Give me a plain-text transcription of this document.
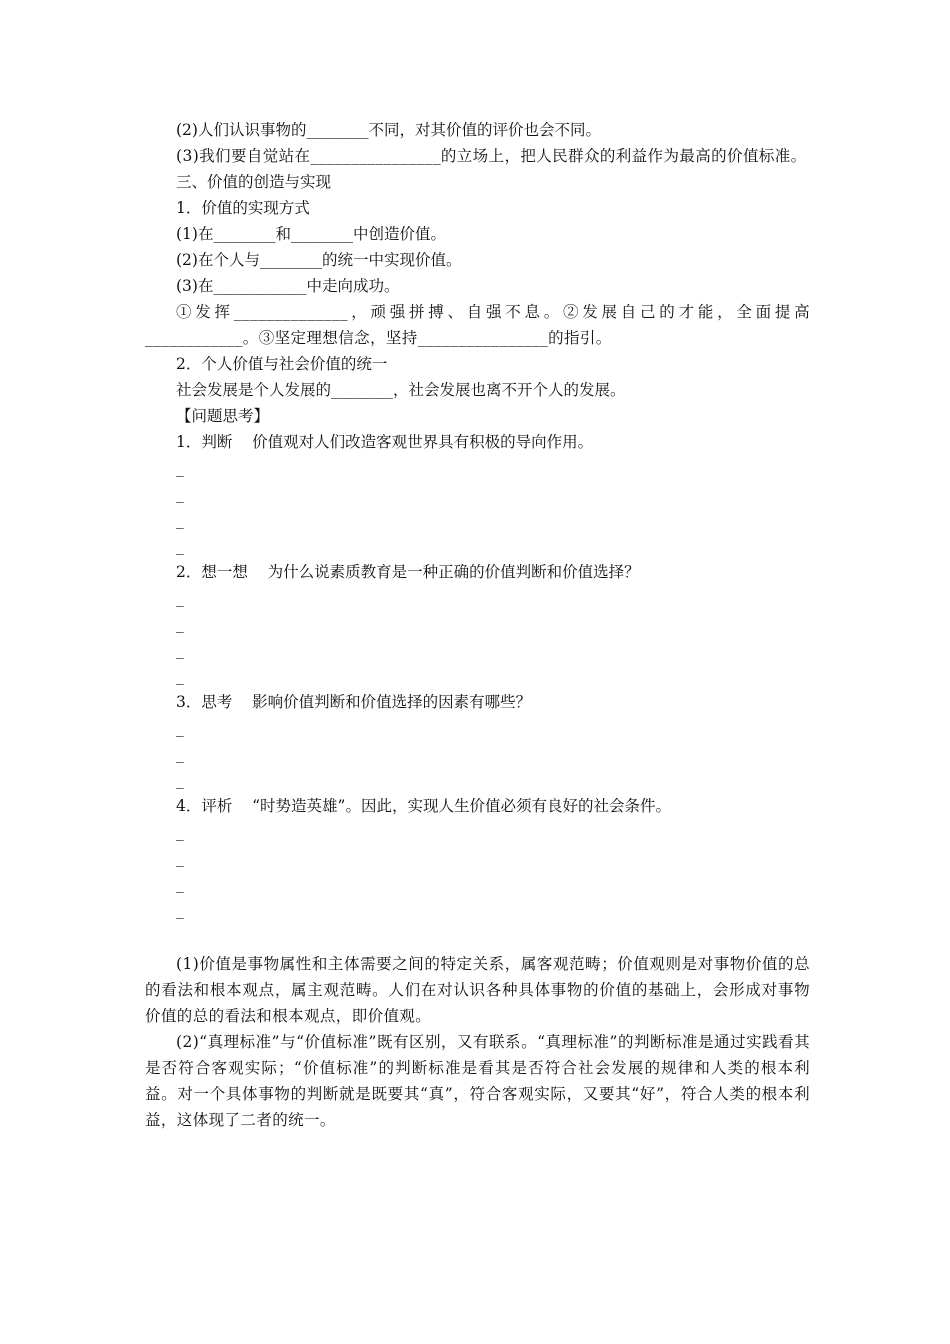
(2)人们认识事物的________不同，对其价值的评价也会不同。
(3)我们要自觉站在________________的立场上，把人民群众的利益作为最高的价值标准。
三、价值的创造与实现
1．价值的实现方式
(1)在________和________中创造价值。
(2)在个人与________的统一中实现价值。
(3)在____________中走向成功。
①发挥______________，顽强拼搏、自强不息。②发展自己的才能，全面提高____________。③坚定理想信念，坚持________________的指引。
2．个人价值与社会价值的统一
社会发展是个人发展的________，社会发展也离不开个人的发展。
【问题思考】
1．判断 价值观对人们改造客观世界具有积极的导向作用。
_
_
_
_
2．想一想 为什么说素质教育是一种正确的价值判断和价值选择？
_
_
_
_
3．思考 影响价值判断和价值选择的因素有哪些？
_
_
_
4．评析 “时势造英雄”。因此，实现人生价值必须有良好的社会条件。
_
_
_
_
(1)价值是事物属性和主体需要之间的特定关系，属客观范畴；价值观则是对事物价值的总的看法和根本观点，属主观范畴。人们在对认识各种具体事物的价值的基础上，会形成对事物价值的总的看法和根本观点，即价值观。
(2)“真理标准”与“价值标准”既有区别，又有联系。“真理标准”的判断标准是通过实践看其是否符合客观实际；“价值标准”的判断标准是看其是否符合社会发展的规律和人类的根本利益。对一个具体事物的判断就是既要其“真”，符合客观实际，又要其“好”，符合人类的根本利益，这体现了二者的统一。
